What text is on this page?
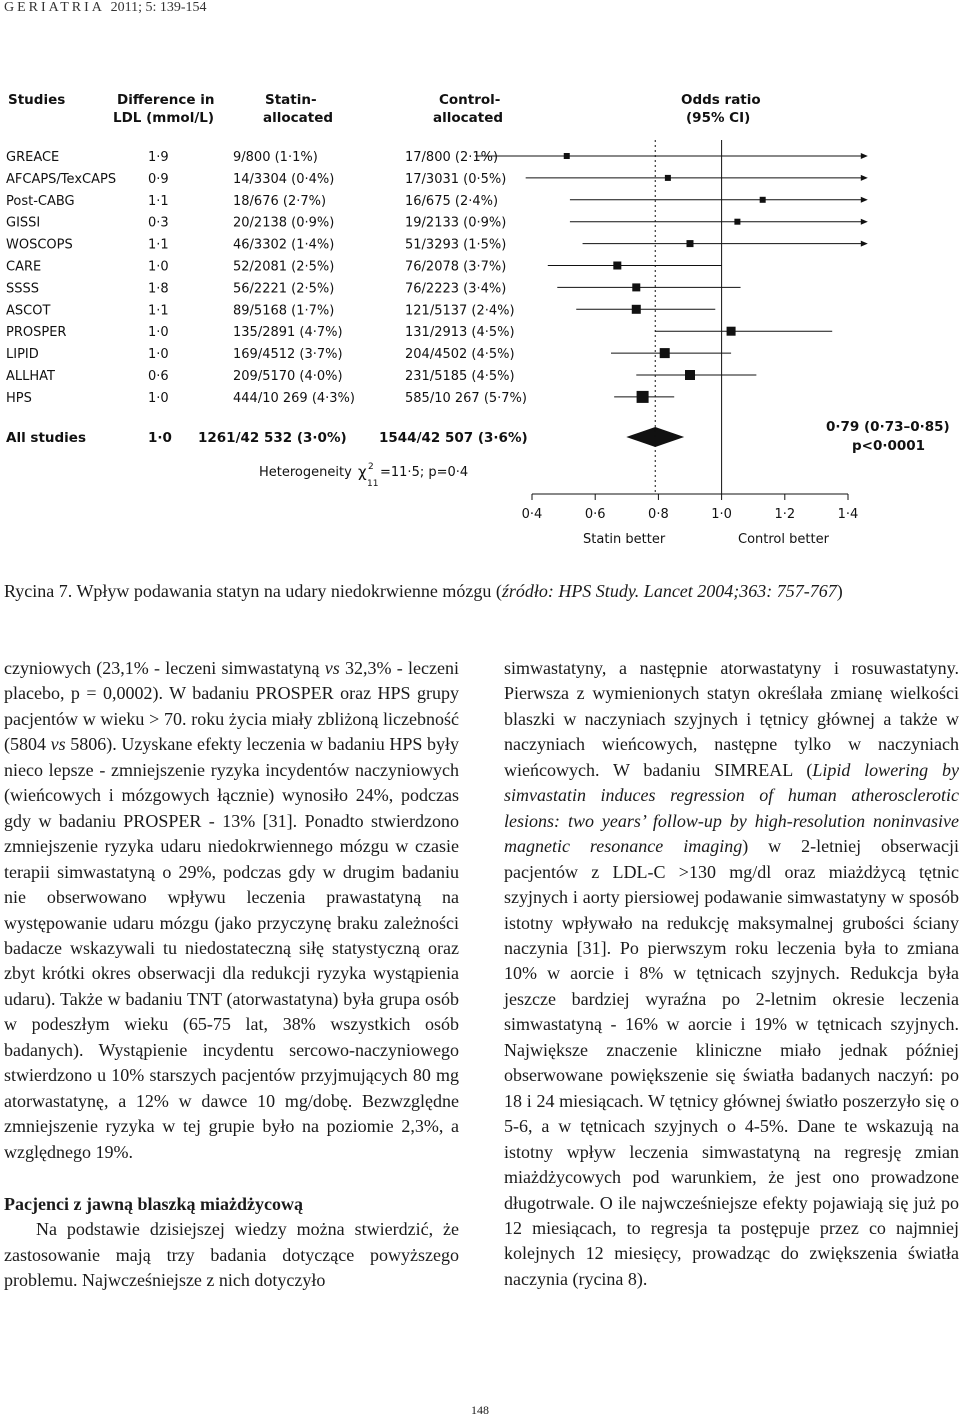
GERIATRIA 2011; 5: 139-154
Studies	Difference in
LDL (mmol/L)
Statin-
allocated
Control-
allocated
Odds ratio
(95% CI)
GREACE	1·9	9/800 (1·1%)	17/800 (2·1%)
AFCAPS/TexCAPS 0·9	14/3304 (0·4%)	17/3031 (0·5%)
Post-CABG	1·1	18/676 (2·7%)	16/675 (2·4%)
GISSI	0·3	20/2138 (0·9%)	19/2133 (0·9%)
WOSCOPS	1·1	46/3302 (1·4%)	51/3293 (1·5%)
CARE	1·0	52/2081 (2·5%)	76/2078 (3·7%)
SSSS	1·8	56/2221 (2·5%)	76/2223 (3·4%)
ASCOT	1·1	89/5168 (1·7%)	121/5137 (2·4%)
PROSPER	1·0	135/2891 (4·7%)	131/2913 (4·5%)
LIPID	1·0	169/4512 (3·7%)	204/4502 (4·5%)
ALLHAT	0·6	209/5170 (4·0%)	231/5185 (4·5%)
HPS	1·0	444/10 269 (4·3%)	585/10 267 (5·7%)
All studies	1·0 1261/42 532 (3·0%) 1544/42 507 (3·6%)
0·79 (0·73–0·85)
p<0·0001
Heterogeneity χ 2
11
=11·5; p=0·4
0·4	0·6	0·8	1·0	1·2	1·4
Statin better	Control better
Rycina 7. Wpływ podawania statyn na udary niedokrwienne mózgu (źródło: HPS Study. Lancet 2004;363: 757-767)

czyniowych (23,1% - leczeni simwastatyną vs 32,3% - leczeni placebo, p = 0,0002). W badaniu PROSPER oraz HPS grupy pacjentów w wieku > 70. roku życia miały zbliżoną liczebność (5804 vs 5806). Uzyskane efekty leczenia w badaniu HPS były nieco lepsze - zmniejszenie ryzyka incydentów naczyniowych (wieńcowych i mózgowych łącznie) wynosiło 24%, podczas gdy w badaniu PROSPER - 13% [31]. Ponadto stwierdzono zmniejszenie ryzyka udaru niedokrwiennego mózgu w czasie terapii simwastatyną o 29%, podczas gdy w drugim badaniu nie obserwowano wpływu leczenia prawastatyną na występowanie udaru mózgu (jako przyczynę braku zależności badacze wskazywali tu niedostateczną siłę statystyczną oraz zbyt krótki okres obserwacji dla redukcji ryzyka wystąpienia udaru). Także w badaniu TNT (atorwastatyna) była grupa osób w podeszłym wieku (65-75 lat, 38% wszystkich osób badanych). Wystąpienie incydentu sercowo-naczyniowego stwierdzono u 10% starszych pacjentów przyjmujących 80 mg atorwastatynę, a 12% w dawce 10 mg/dobę. Bezwzględne zmniejszenie ryzyka w tej grupie było na poziomie 2,3%, a względnego 19%.

Pacjenci z jawną blaszką miażdżycową

Na podstawie dzisiejszej wiedzy można stwierdzić, że zastosowanie mają trzy badania dotyczące powyższego problemu. Najwcześniejsze z nich dotyczyło

simwastatyny, a następnie atorwastatyny i rosuwastatyny. Pierwsza z wymienionych statyn określała zmianę wielkości blaszki w naczyniach szyjnych i tętnicy głównej a także w naczyniach wieńcowych, następne tylko w naczyniach wieńcowych. W badaniu SIMREAL (Lipid lowering by simvastatin induces regression of human atherosclerotic lesions: two years’ follow-up by high-resolution noninvasive magnetic resonance imaging) w 2-letniej obserwacji pacjentów z LDL-C >130 mg/dl oraz miażdżycą tętnic szyjnych i aorty piersiowej podawanie simwastatyny w sposób istotny wpływało na redukcję maksymalnej grubości ściany naczynia [31]. Po pierwszym roku leczenia była to zmiana 10% w aorcie i 8% w tętnicach szyjnych. Redukcja była jeszcze bardziej wyraźna po 2-letnim okresie leczenia simwastatyną - 16% w aorcie i 19% w tętnicach szyjnych. Największe znaczenie kliniczne miało jednak później obserwowane powiększenie się światła badanych naczyń: po 18 i 24 miesiącach. W tętnicy głównej światło poszerzyło się o 5-6, a w tętnicach szyjnych o 4-5%. Dane te wskazują na istotny wpływ leczenia simwastatyną na regresję zmian miażdżycowych pod warunkiem, że jest ono prowadzone długotrwale. O ile najwcześniejsze efekty pojawiają się już po 12 miesiącach, to regresja ta postępuje przez co najmniej kolejnych 12 miesięcy, prowadząc do zwiększenia światła naczynia (rycina 8).

148
